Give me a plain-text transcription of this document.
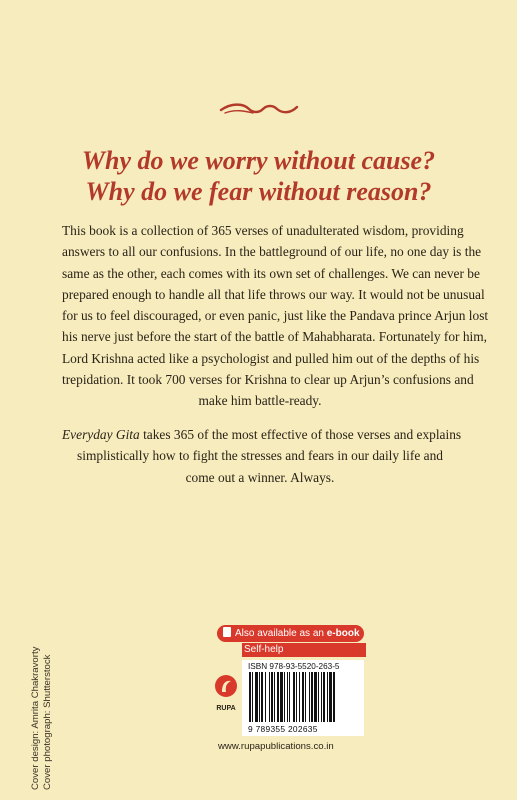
Why do we worry without cause?
Why do we fear without reason?
This book is a collection of 365 verses of unadulterated wisdom, providing
answers to all our confusions. In the battleground of our life, no one day is the
same as the other, each comes with its own set of challenges. We can never be
prepared enough to handle all that life throws our way. It would not be unusual
for us to feel discouraged, or even panic, just like the Pandava prince Arjun lost
his nerve just before the start of the battle of Mahabharata. Fortunately for him,
Lord Krishna acted like a psychologist and pulled him out of the depths of his
trepidation. It took 700 verses for Krishna to clear up Arjun’s confusions and
make him battle-ready.
Everyday Gita takes 365 of the most effective of those verses and explains
simplistically how to fight the stresses and fears in our daily life and
come out a winner. Always.
Cover design: Amrita Chakravorty Cover photograph: Shutterstock
Also available as an e-book
Self-help
RUPA
ISBN 978-93-5520-263-5
9 789355 202635
www.rupapublications.co.in
